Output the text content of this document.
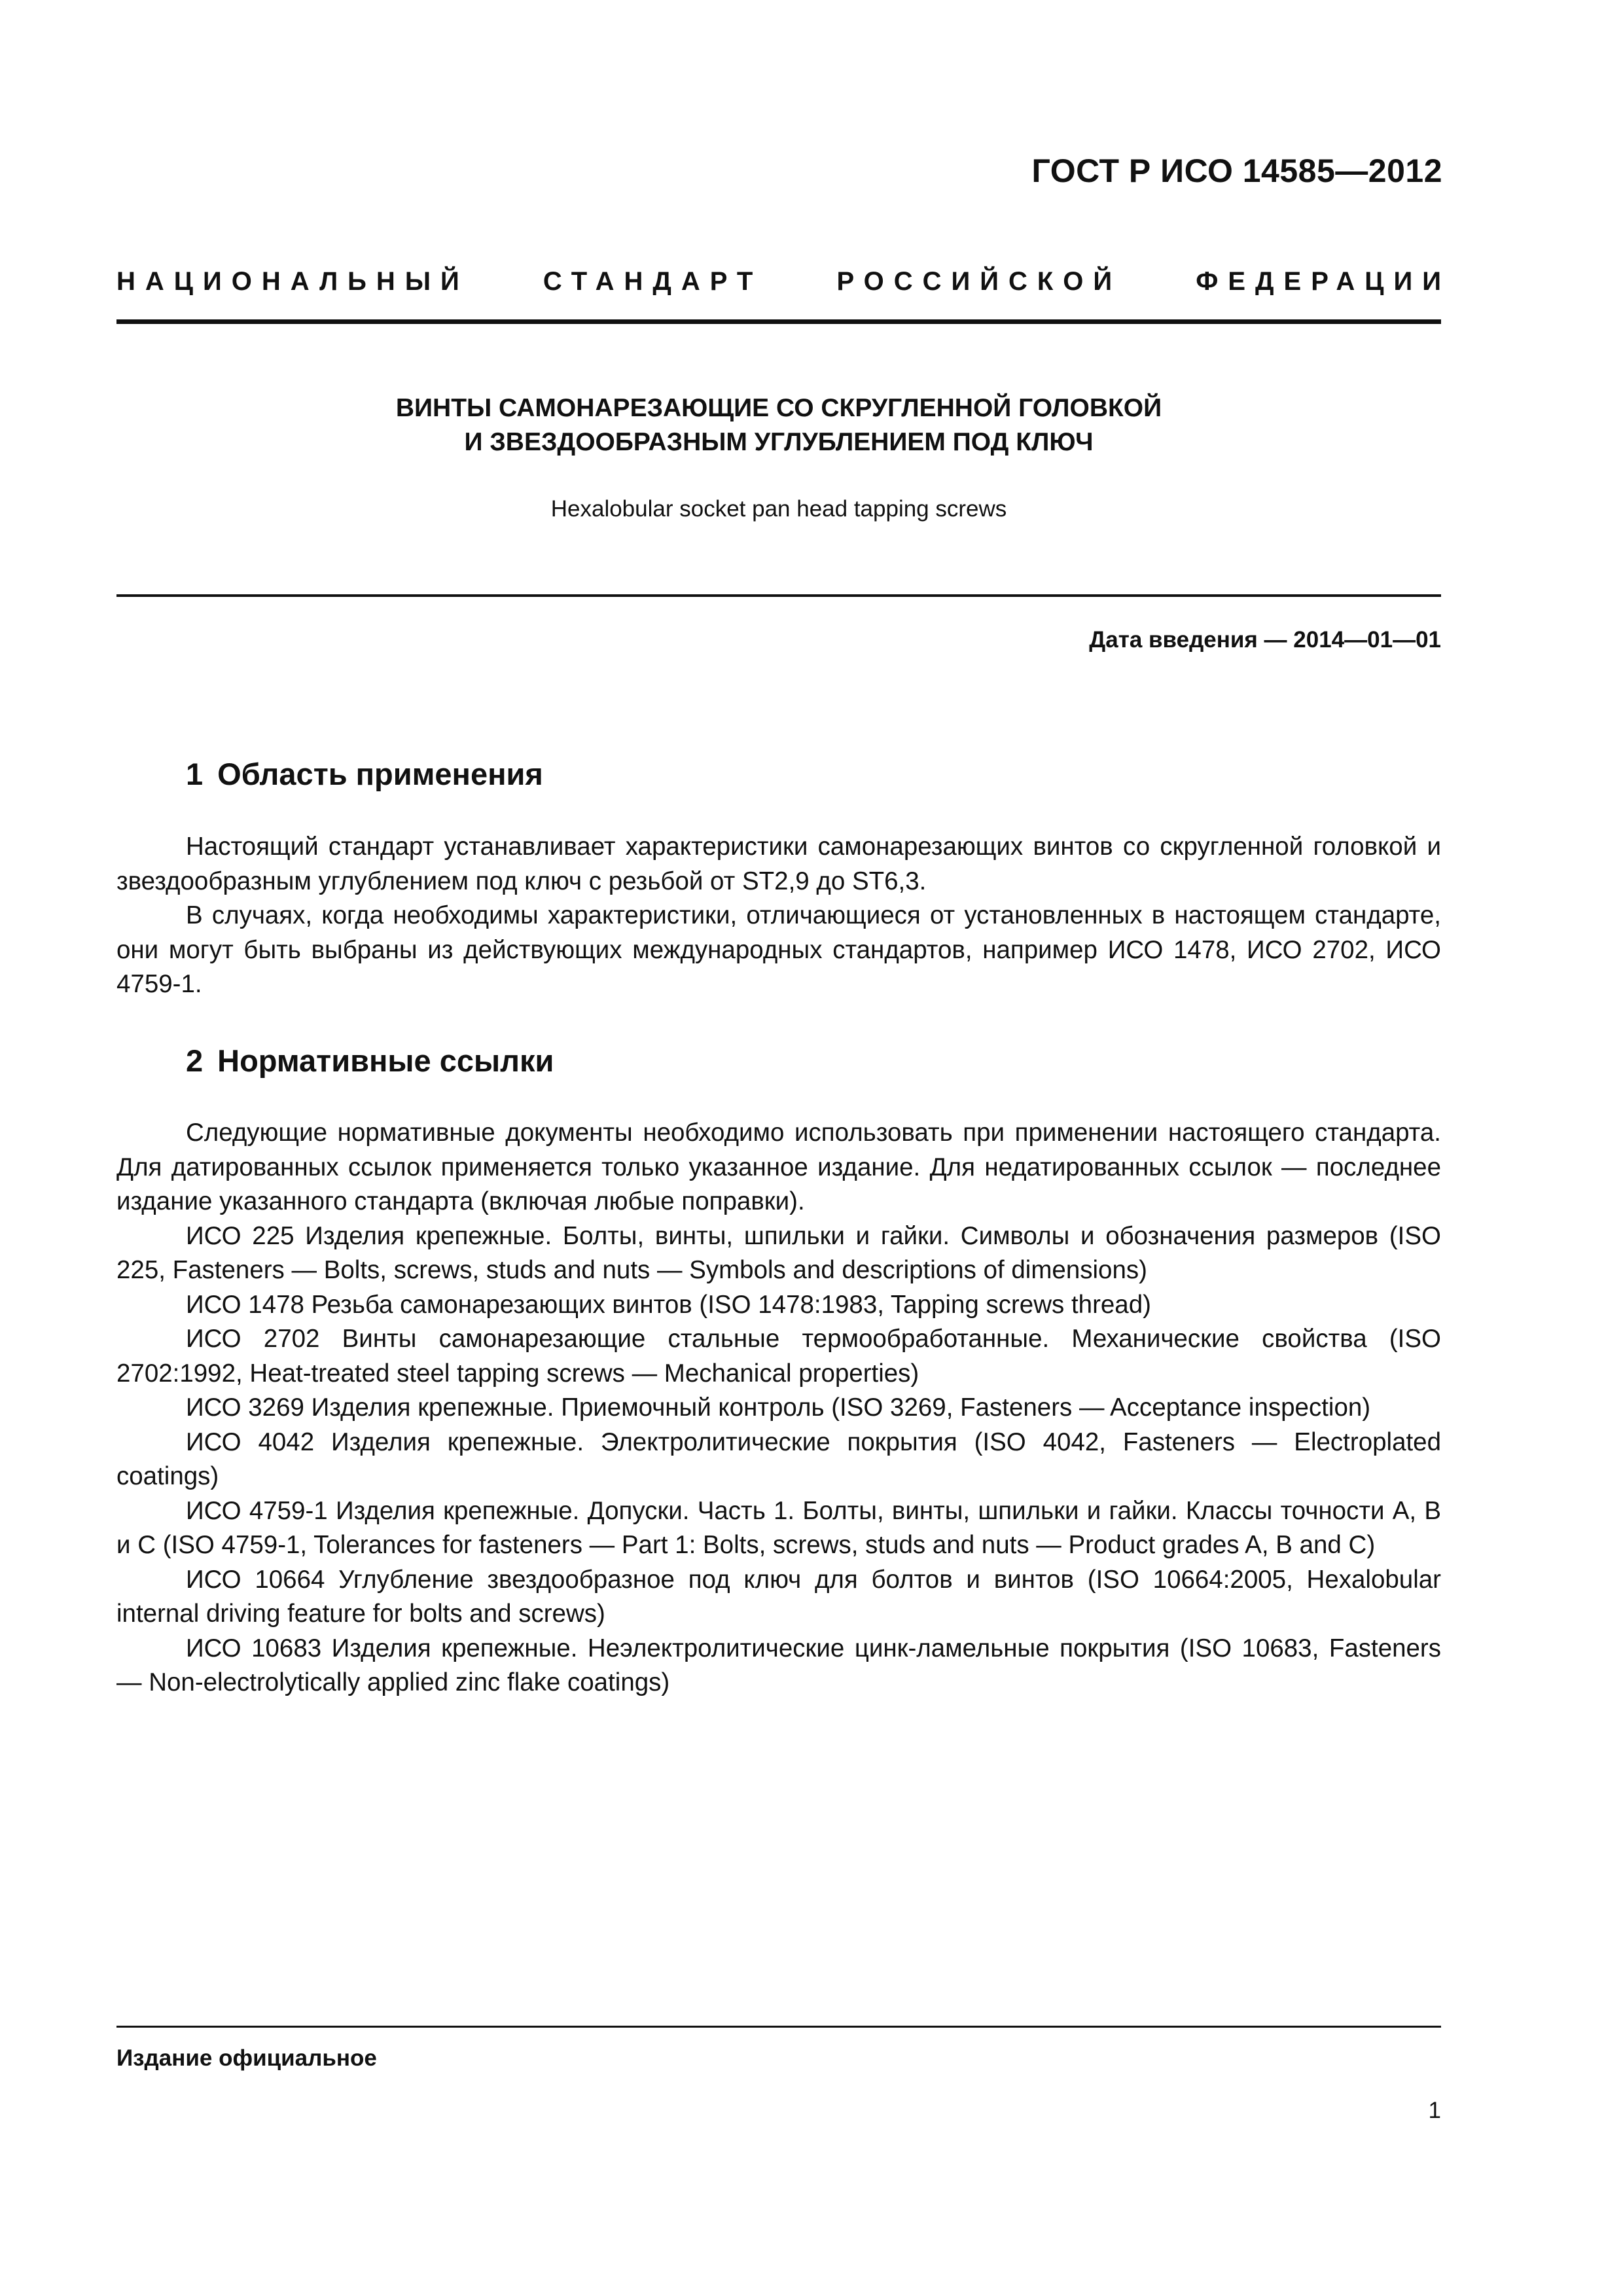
ГОСТ Р ИСО 14585—2012
НАЦИОНАЛЬНЫЙ	СТАНДАРТ	РОССИЙСКОЙ	ФЕДЕРАЦИИ
ВИНТЫ САМОНАРЕЗАЮЩИЕ СО СКРУГЛЕННОЙ ГОЛОВКОЙ
И ЗВЕЗДООБРАЗНЫМ УГЛУБЛЕНИЕМ ПОД КЛЮЧ
Hexalobular socket pan head tapping screws
Дата введения — 2014—01—01
1 Область применения

Настоящий стандарт устанавливает характеристики самонарезающих винтов со скругленной головкой и звездообразным углублением под ключ с резьбой от ST2,9 до ST6,3.

В случаях, когда необходимы характеристики, отличающиеся от установленных в настоящем стандарте, они могут быть выбраны из действующих международных стандартов, например ИСО 1478, ИСО 2702, ИСО 4759-1.

2 Нормативные ссылки

Следующие нормативные документы необходимо использовать при применении настоящего стандарта. Для датированных ссылок применяется только указанное издание. Для недатированных ссылок — последнее издание указанного стандарта (включая любые поправки).

ИСО 225 Изделия крепежные. Болты, винты, шпильки и гайки. Символы и обозначения размеров (ISO 225, Fasteners — Bolts, screws, studs and nuts — Symbols and descriptions of dimensions)

ИСО 1478 Резьба самонарезающих винтов (ISO 1478:1983, Tapping screws thread)

ИСО 2702 Винты самонарезающие стальные термообработанные. Механические свойства (ISO 2702:1992, Heat-treated steel tapping screws — Mechanical properties)

ИСО 3269 Изделия крепежные. Приемочный контроль (ISO 3269, Fasteners — Acceptance inspection)

ИСО 4042 Изделия крепежные. Электролитические покрытия (ISO 4042, Fasteners — Electroplated coatings)

ИСО 4759-1 Изделия крепежные. Допуски. Часть 1. Болты, винты, шпильки и гайки. Классы точности А, В и С (ISO 4759-1, Tolerances for fasteners — Part 1: Bolts, screws, studs and nuts — Product grades A, B and C)

ИСО 10664 Углубление звездообразное под ключ для болтов и винтов (ISO 10664:2005, Hexalobular internal driving feature for bolts and screws)

ИСО 10683 Изделия крепежные. Неэлектролитические цинк-ламельные покрытия (ISO 10683, Fasteners — Non-electrolytically applied zinc flake coatings)

Издание официальное
1
